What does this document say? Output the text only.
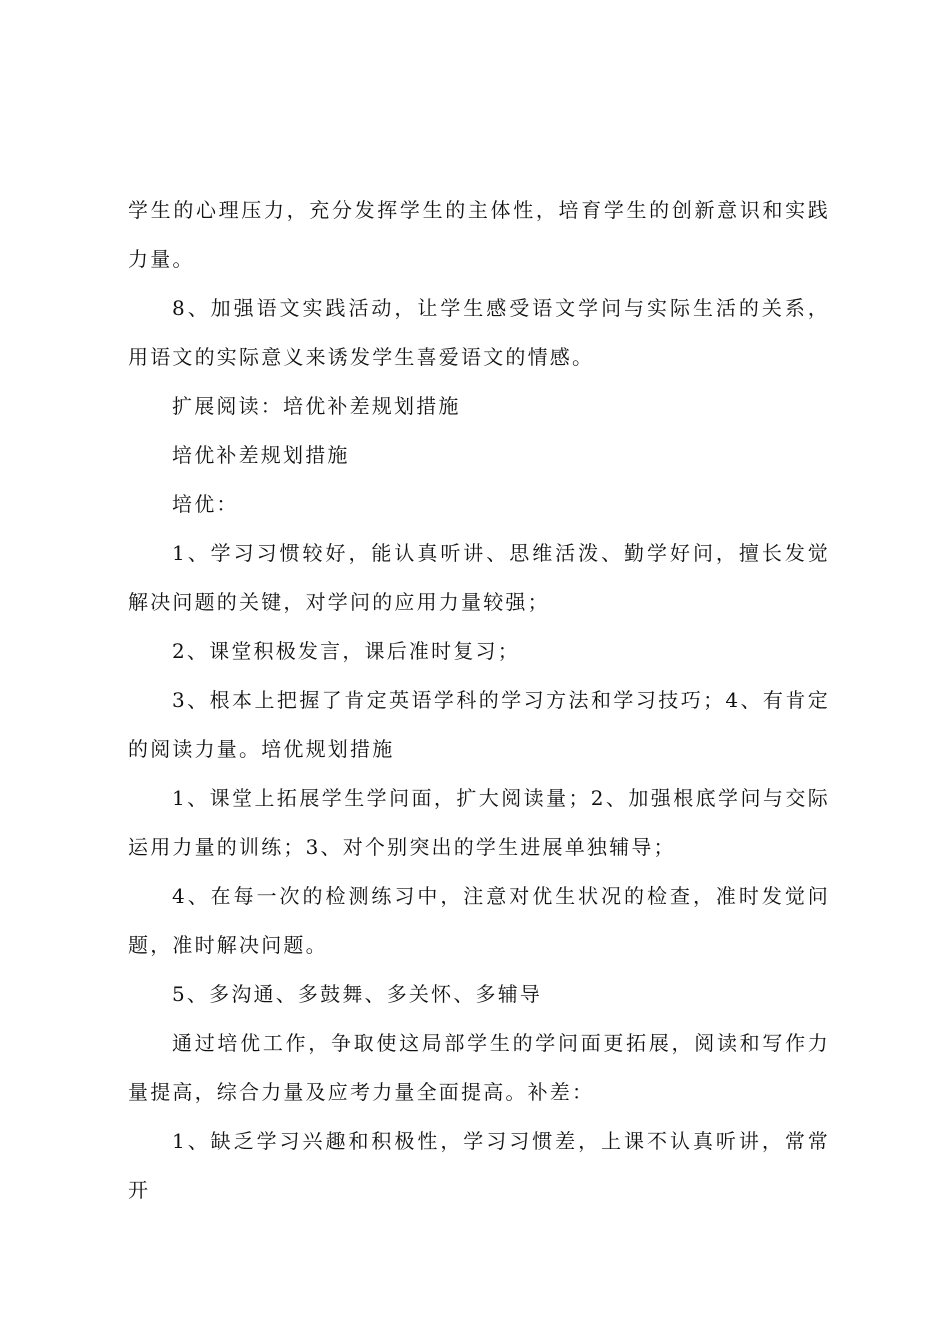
学生的心理压力，充分发挥学生的主体性，培育学生的创新意识和实践力量。

8、加强语文实践活动，让学生感受语文学问与实际生活的关系，用语文的实际意义来诱发学生喜爱语文的情感。

扩展阅读：培优补差规划措施

培优补差规划措施

培优：

1、学习习惯较好，能认真听讲、思维活泼、勤学好问，擅长发觉解决问题的关键，对学问的应用力量较强；

2、课堂积极发言，课后准时复习；

3、根本上把握了肯定英语学科的学习方法和学习技巧；4、有肯定的阅读力量。培优规划措施

1、课堂上拓展学生学问面，扩大阅读量；2、加强根底学问与交际运用力量的训练；3、对个别突出的学生进展单独辅导；

4、在每一次的检测练习中，注意对优生状况的检查，准时发觉问题，准时解决问题。

5、多沟通、多鼓舞、多关怀、多辅导

通过培优工作，争取使这局部学生的学问面更拓展，阅读和写作力量提高，综合力量及应考力量全面提高。补差：

1、缺乏学习兴趣和积极性，学习习惯差，上课不认真听讲，常常开
